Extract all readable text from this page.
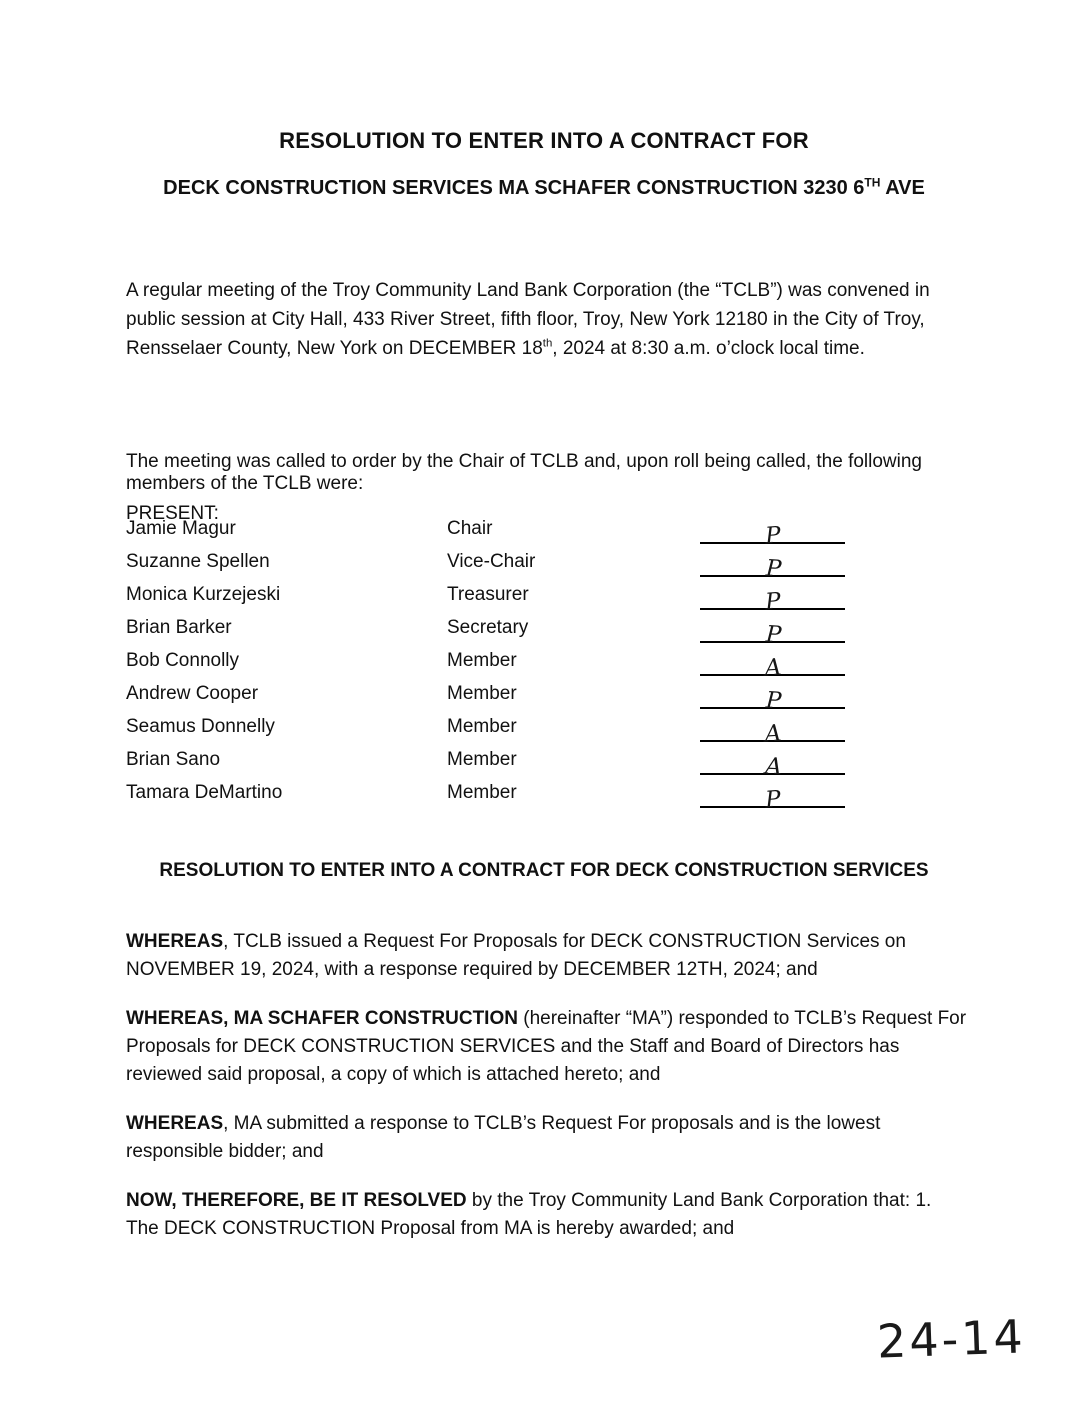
RESOLUTION TO ENTER INTO A CONTRACT FOR
DECK CONSTRUCTION SERVICES MA SCHAFER CONSTRUCTION 3230 6TH AVE

A regular meeting of the Troy Community Land Bank Corporation (the “TCLB”) was convened in public session at City Hall, 433 River Street, fifth floor, Troy, New York 12180 in the City of Troy, Rensselaer County, New York on DECEMBER 18th, 2024 at 8:30 a.m. o’clock local time.

The meeting was called to order by the Chair of TCLB and, upon roll being called, the following members of the TCLB were:

PRESENT:

Jamie Magur	Chair	P
Suzanne Spellen	Vice-Chair	P
Monica Kurzejeski	Treasurer	P
Brian Barker	Secretary	P
Bob Connolly	Member	A
Andrew Cooper	Member	P
Seamus Donnelly	Member	A
Brian Sano	Member	A
Tamara DeMartino	Member	P
RESOLUTION TO ENTER INTO A CONTRACT FOR DECK CONSTRUCTION SERVICES

WHEREAS, TCLB issued a Request For Proposals for DECK CONSTRUCTION Services on NOVEMBER 19, 2024, with a response required by DECEMBER 12TH, 2024; and

WHEREAS, MA SCHAFER CONSTRUCTION (hereinafter “MA”) responded to TCLB’s Request For Proposals for DECK CONSTRUCTION SERVICES and the Staff and Board of Directors has reviewed said proposal, a copy of which is attached hereto; and

WHEREAS, MA submitted a response to TCLB’s Request For proposals and is the lowest responsible bidder; and

NOW, THEREFORE, BE IT RESOLVED by the Troy Community Land Bank Corporation that: 1. The DECK CONSTRUCTION Proposal from MA is hereby awarded; and

24-14
